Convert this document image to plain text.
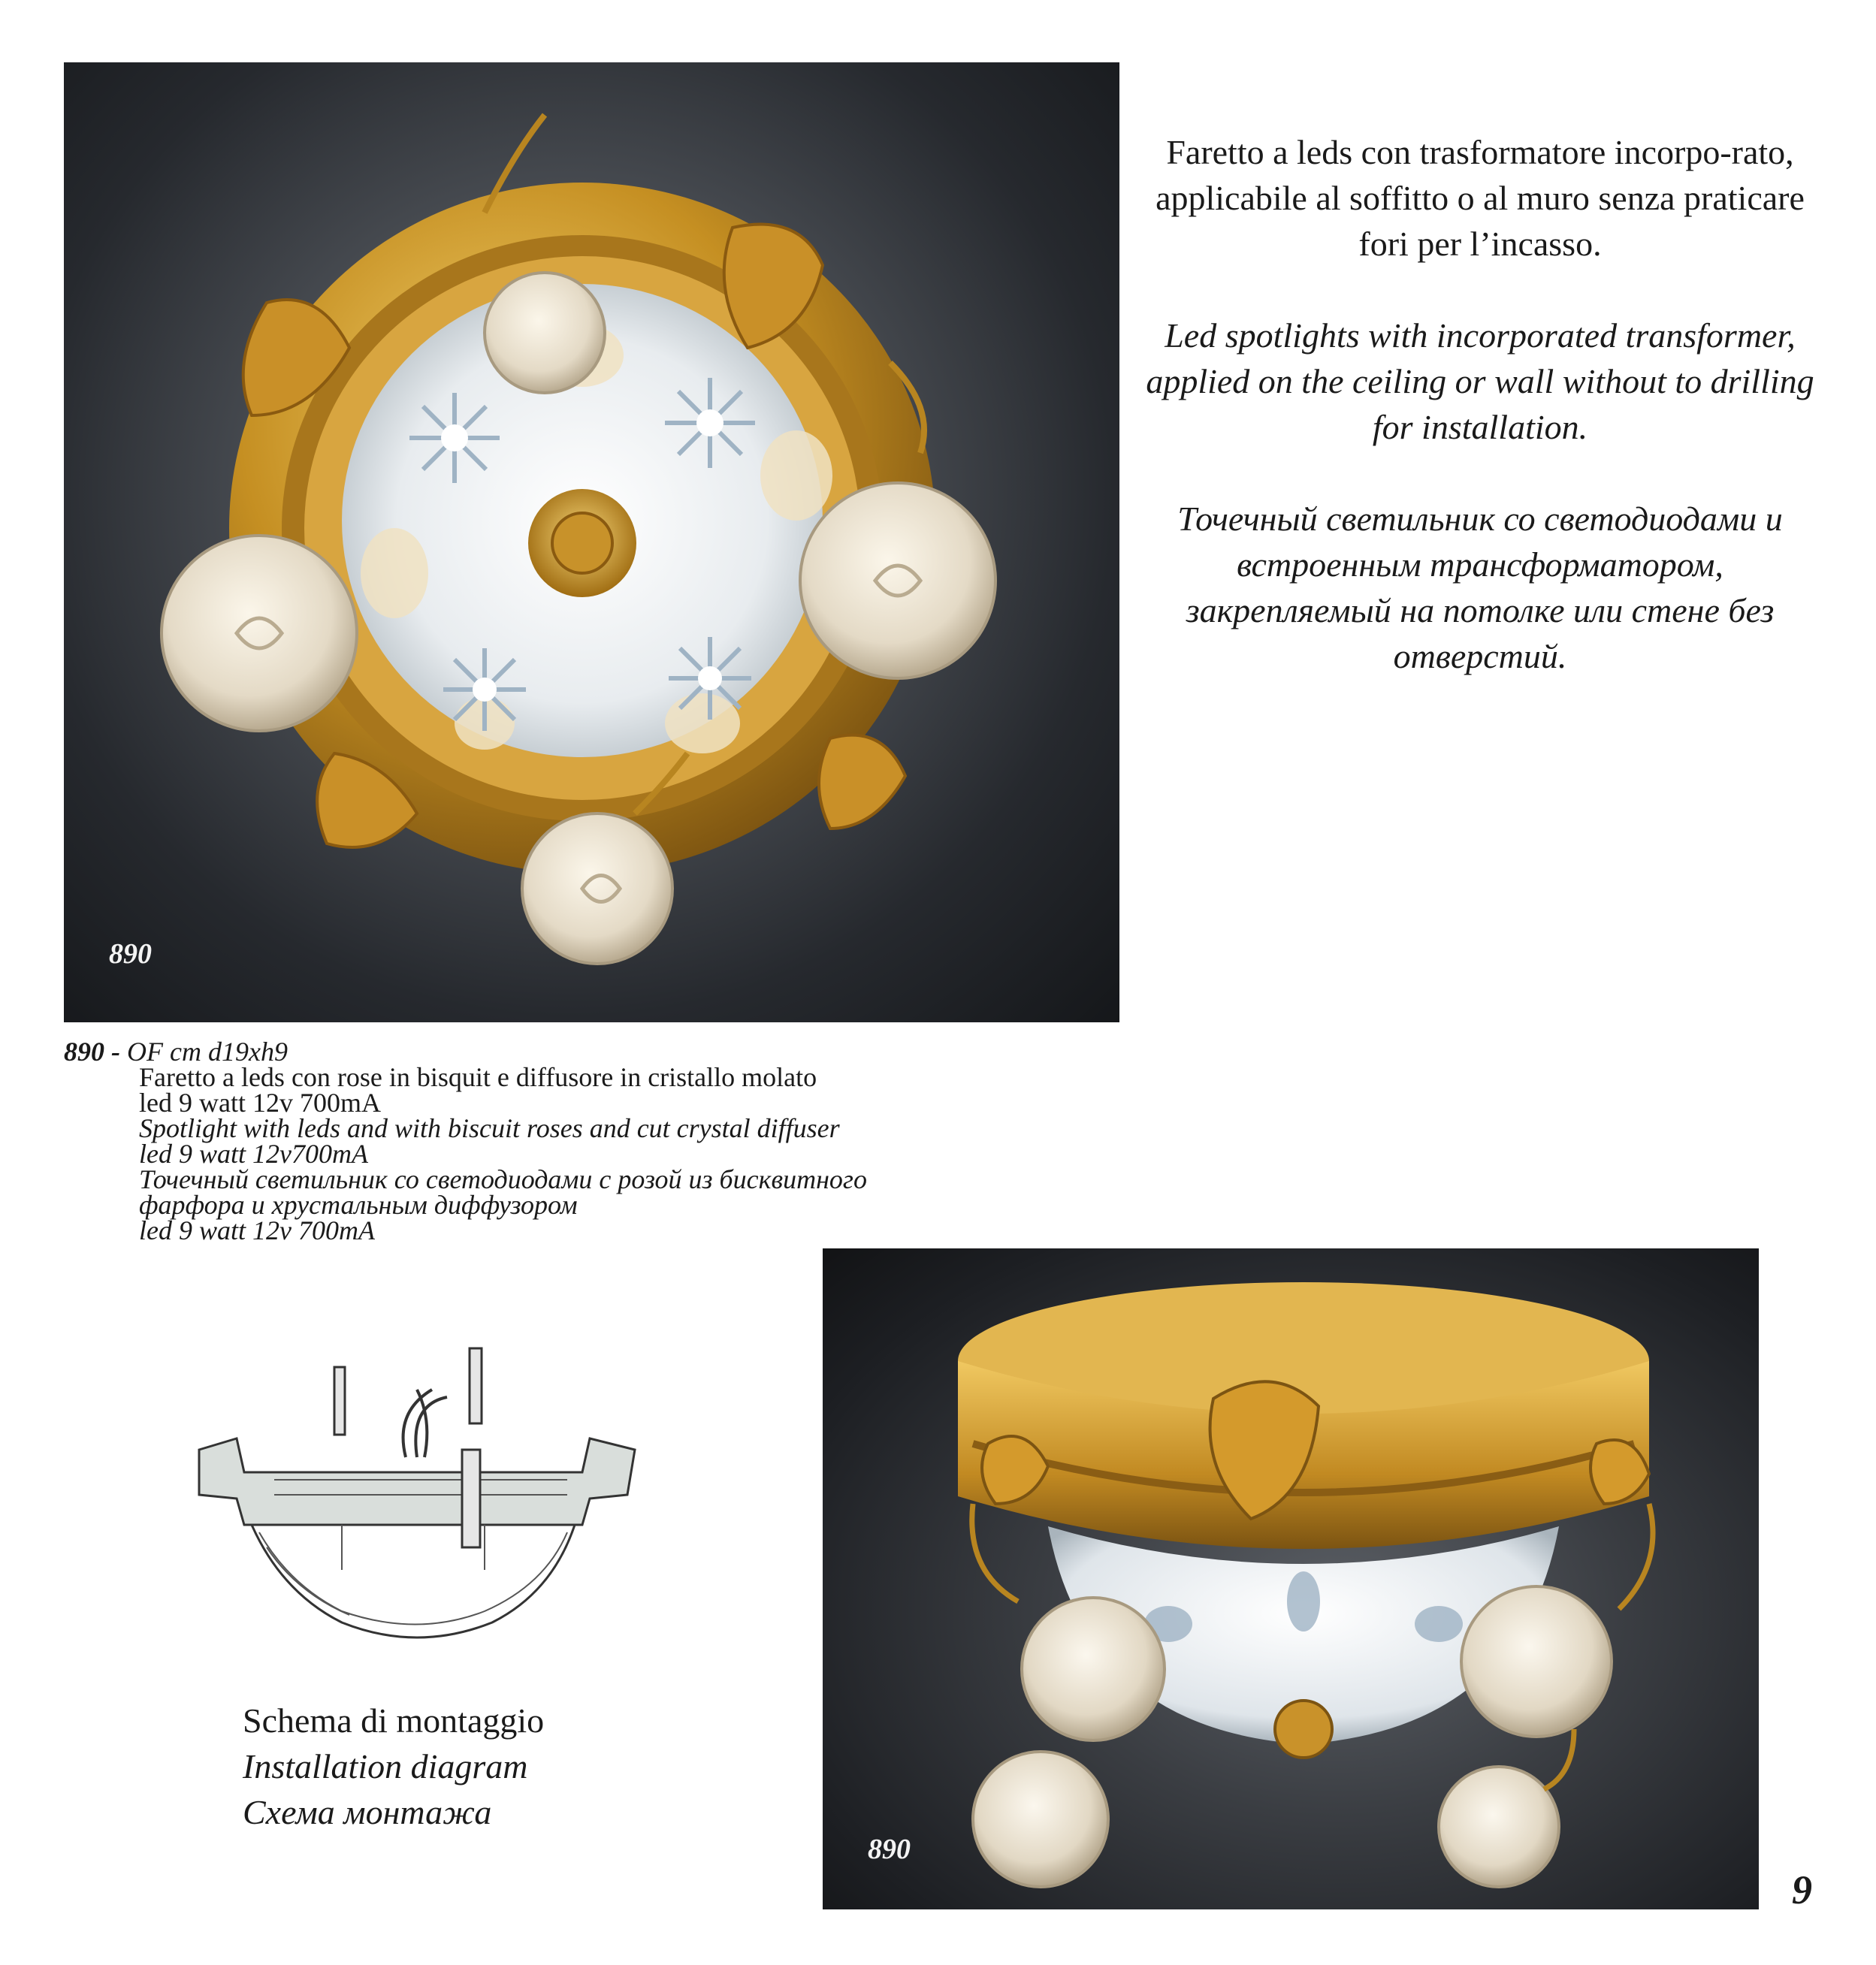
890

Faretto a leds con trasformatore incorpo-rato, applicabile al soffitto o al muro senza praticare fori per l’incasso.

Led spotlights with incorporated transformer, applied on the ceiling or wall without to drilling for installation.

Точечный светильник со светодиодами и встроенным трансформатором, закрепляемый на потолке или стене без отверстий.

890 - OF cm d19xh9
Faretto a leds con rose in bisquit e diffusore in cristallo molato
led 9 watt 12v 700mA
Spotlight with leds and with biscuit roses and cut crystal diffuser
led 9 watt 12v700mA
Точечный светильник со светодиодами с розой из бисквитного
фарфора и хрустальным диффузором
led 9 watt 12v 700mA
Schema di montaggio
Installation diagram
Схема монтажа
890
9
